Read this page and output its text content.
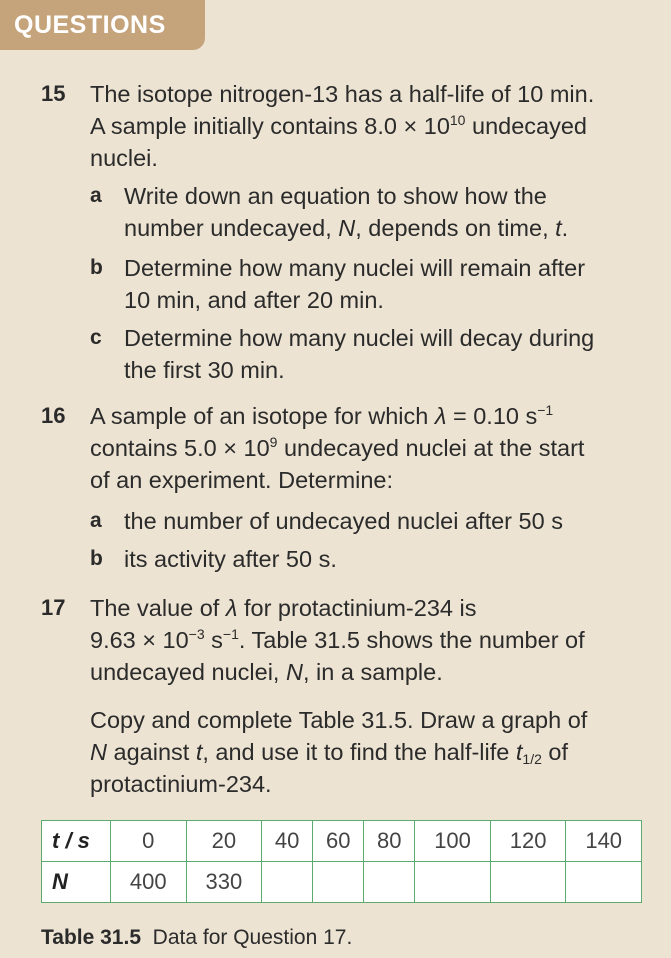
QUESTIONS
15 The isotope nitrogen-13 has a half-life of 10 min.
A sample initially contains $8.0 \times 10^{10}$ undecayed
nuclei.
a Write down an equation to show how the
number undecayed, N, depends on time, t.
b Determine how many nuclei will remain after
10 min, and after 20 min.
c Determine how many nuclei will decay during
the first 30 min.
16 A sample of an isotope for which λ = 0.10 $s^{-1}$
contains $5.0 \times 10^9$ undecayed nuclei at the start
of an experiment. Determine:
a the number of undecayed nuclei after 50 s
b its activity after 50 s.
17 The value of λ for protactinium-234 is
$9.63 \times 10^{-3}$ $s^{-1}$. Table 31.5 shows the number of
undecayed nuclei, N, in a sample.
Copy and complete Table 31.5. Draw a graph of
N against t, and use it to find the half-life $t_{1/2}$ of
protactinium-234.
t / s	0	20	40	60	80	100	120	140
N	400	330						
Table 31.5 Data for Question 17.
